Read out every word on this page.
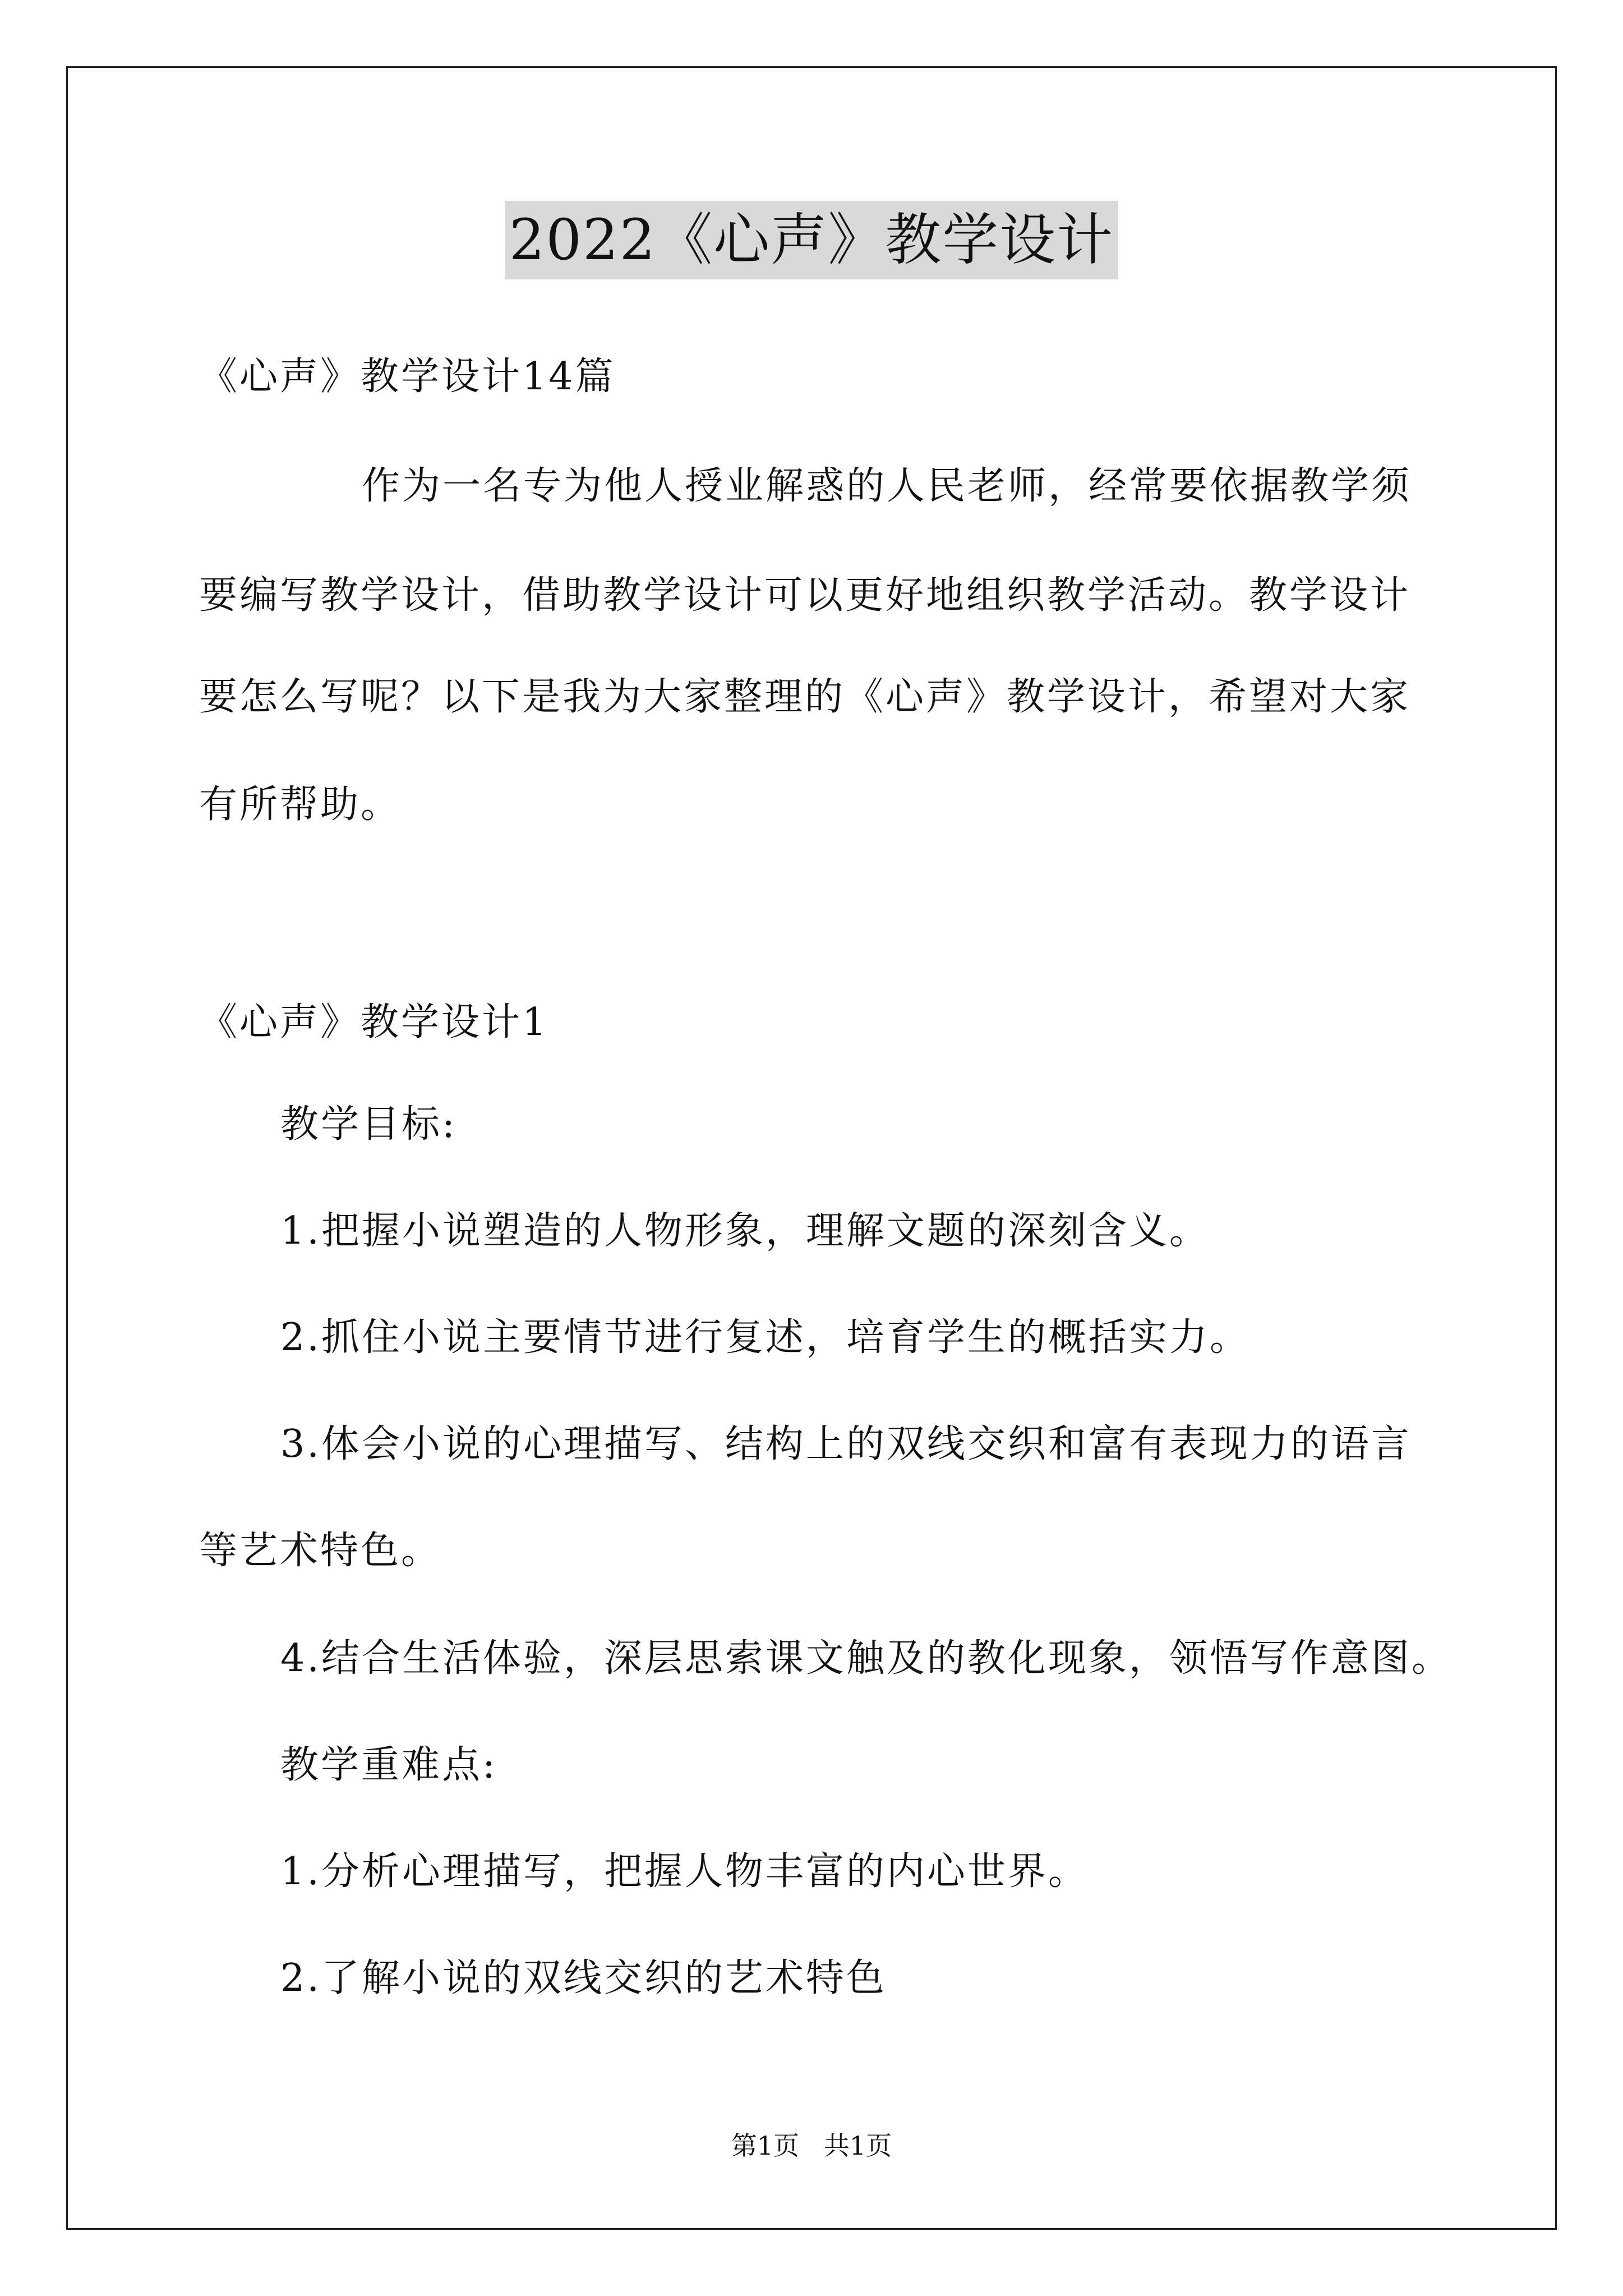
2022《心声》教学设计
《心声》教学设计14篇
作为一名专为他人授业解惑的人民老师，经常要依据教学须
要编写教学设计，借助教学设计可以更好地组织教学活动。教学设计
要怎么写呢？以下是我为大家整理的《心声》教学设计，希望对大家
有所帮助。
《心声》教学设计1
教学目标:
1.把握小说塑造的人物形象，理解文题的深刻含义。
2.抓住小说主要情节进行复述，培育学生的概括实力。
3.体会小说的心理描写、结构上的双线交织和富有表现力的语言
等艺术特色。
4.结合生活体验，深层思索课文触及的教化现象，领悟写作意图。
教学重难点:
1.分析心理描写，把握人物丰富的内心世界。
2.了解小说的双线交织的艺术特色
第1页   共1页
